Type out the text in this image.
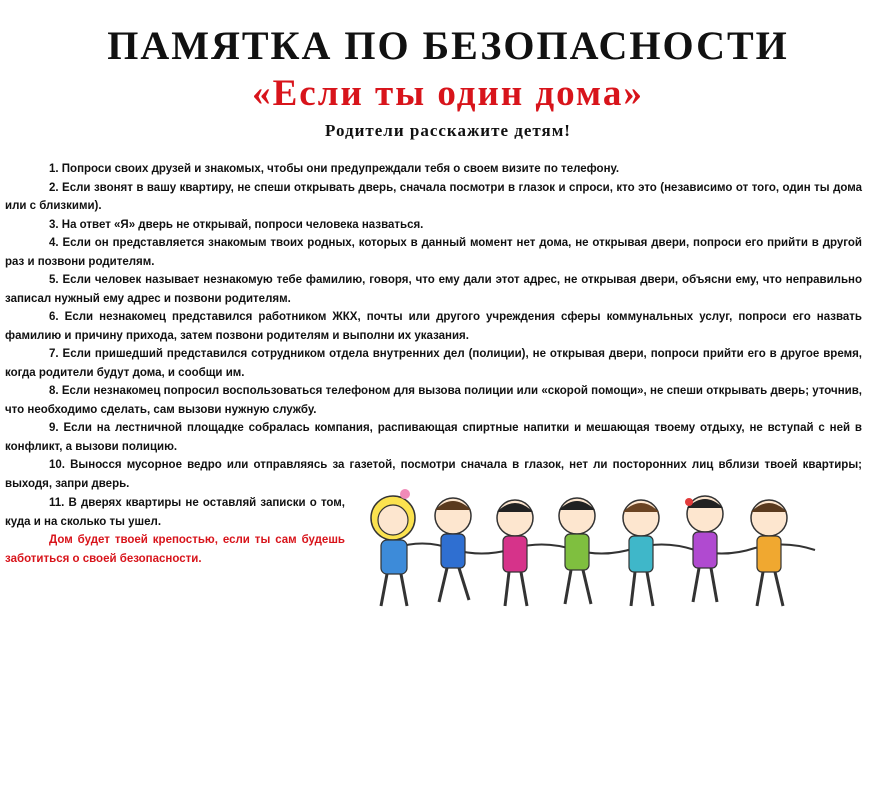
ПАМЯТКА ПО БЕЗОПАСНОСТИ
«Если ты один дома»
Родители расскажите детям!

1. Попроси своих друзей и знакомых, чтобы они предупреждали тебя о своем визите по телефону.

2. Если звонят в вашу квартиру, не спеши открывать дверь, сначала посмотри в глазок и спроси, кто это (независимо от того, один ты дома или с близкими).

3. На ответ «Я» дверь не открывай, попроси человека назваться.

4. Если он представляется знакомым твоих родных, которых в данный момент нет дома, не открывая двери, попроси его прийти в другой раз и позвони родителям.

5. Если человек называет незнакомую тебе фамилию, говоря, что ему дали этот адрес, не открывая двери, объясни ему, что неправильно записал нужный ему адрес и позвони родителям.

6. Если незнакомец представился работником ЖКХ, почты или другого учреждения сферы коммунальных услуг, попроси его назвать фамилию и причину прихода, затем позвони родителям и выполни их указания.

7. Если пришедший представился сотрудником отдела внутренних дел (полиции), не открывая двери, попроси прийти его в другое время, когда родители будут дома, и сообщи им.

8. Если незнакомец попросил воспользоваться телефоном для вызова полиции или «скорой помощи», не спеши открывать дверь; уточнив, что необходимо сделать, сам вызови нужную службу.

9. Если на лестничной площадке собралась компания, распивающая спиртные напитки и мешающая твоему отдыху, не вступай с ней в конфликт, а вызови полицию.

10. Выносся мусорное ведро или отправляясь за газетой, посмотри сначала в глазок, нет ли посторонних лиц вблизи твоей квартиры; выходя, запри дверь.

11. В дверях квартиры не оставляй записки о том, куда и на сколько ты ушел.

Дом будет твоей крепостью, если ты сам будешь заботиться о своей безопасности.
